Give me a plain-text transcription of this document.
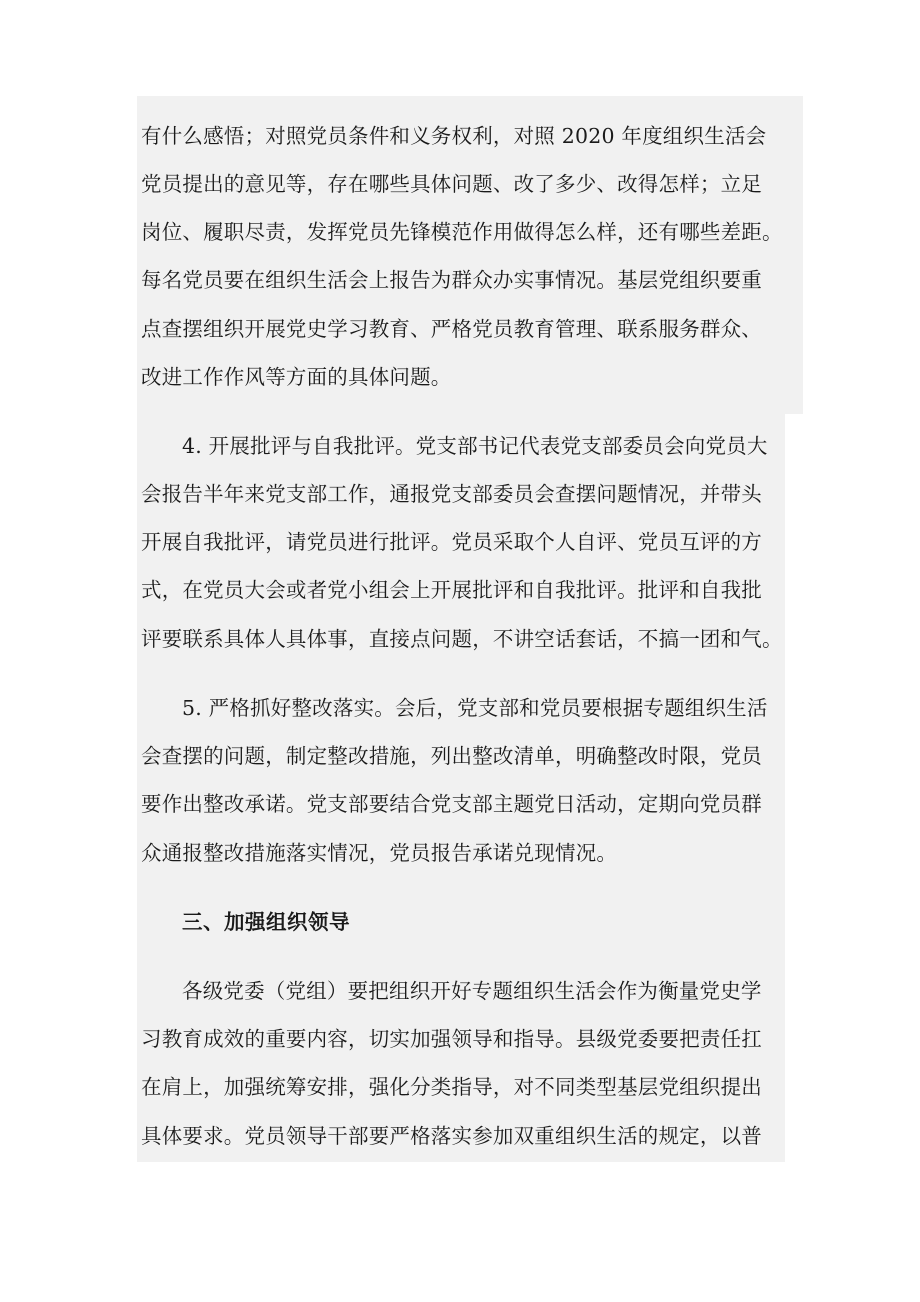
有什么感悟；对照党员条件和义务权利，对照 2020 年度组织生活会
党员提出的意见等，存在哪些具体问题、改了多少、改得怎样；立足
岗位、履职尽责，发挥党员先锋模范作用做得怎么样，还有哪些差距。
每名党员要在组织生活会上报告为群众办实事情况。基层党组织要重
点查摆组织开展党史学习教育、严格党员教育管理、联系服务群众、
改进工作作风等方面的具体问题。
4. 开展批评与自我批评。党支部书记代表党支部委员会向党员大
会报告半年来党支部工作，通报党支部委员会查摆问题情况，并带头
开展自我批评，请党员进行批评。党员采取个人自评、党员互评的方
式，在党员大会或者党小组会上开展批评和自我批评。批评和自我批
评要联系具体人具体事，直接点问题，不讲空话套话，不搞一团和气。
5. 严格抓好整改落实。会后，党支部和党员要根据专题组织生活
会查摆的问题，制定整改措施，列出整改清单，明确整改时限，党员
要作出整改承诺。党支部要结合党支部主题党日活动，定期向党员群
众通报整改措施落实情况，党员报告承诺兑现情况。
三、加强组织领导
各级党委（党组）要把组织开好专题组织生活会作为衡量党史学
习教育成效的重要内容，切实加强领导和指导。县级党委要把责任扛
在肩上，加强统筹安排，强化分类指导，对不同类型基层党组织提出
具体要求。党员领导干部要严格落实参加双重组织生活的规定，以普
